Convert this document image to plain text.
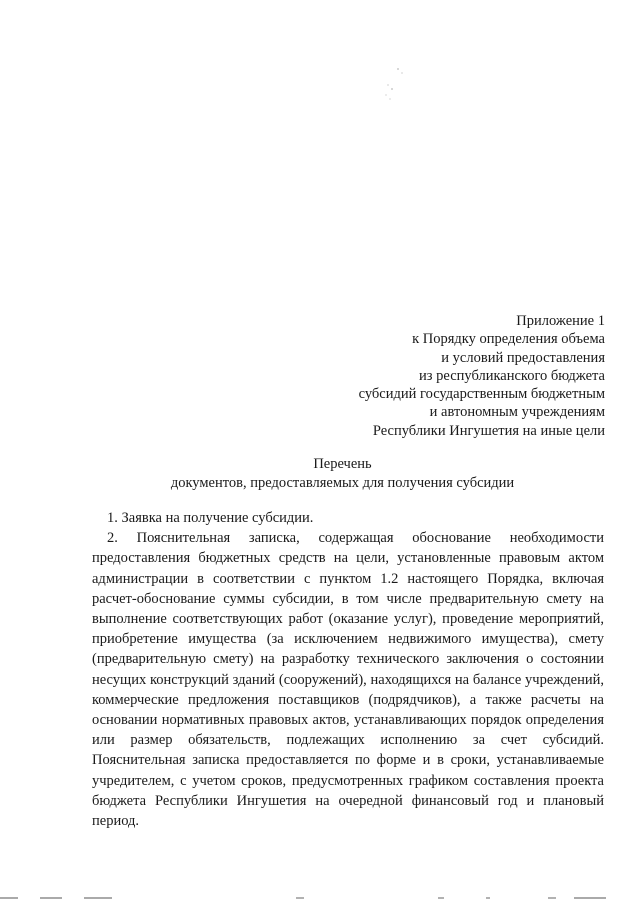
Приложение 1
к Порядку определения объема
и условий предоставления
из республиканского бюджета
субсидий государственным бюджетным
и автономным учреждениям
Республики Ингушетия на иные цели
Перечень
документов, предоставляемых для получения субсидии

1. Заявка на получение субсидии.

2. Пояснительная записка, содержащая обоснование необходимости предоставления бюджетных средств на цели, установленные правовым актом администрации в соответствии с пунктом 1.2 настоящего Порядка, включая расчет-обоснование суммы субсидии, в том числе предварительную смету на выполнение соответствующих работ (оказание услуг), проведение мероприятий, приобретение имущества (за исключением недвижимого имущества), смету (предварительную смету) на разработку технического заключения о состоянии несущих конструкций зданий (сооружений), находящихся на балансе учреждений, коммерческие предложения поставщиков (подрядчиков), а также расчеты на основании нормативных правовых актов, устанавливающих порядок определения или размер обязательств, подлежащих исполнению за счет субсидий. Пояснительная записка предоставляется по форме и в сроки, устанавливаемые учредителем, с учетом сроков, предусмотренных графиком составления проекта бюджета Республики Ингушетия на очередной финансовый год и плановый период.
